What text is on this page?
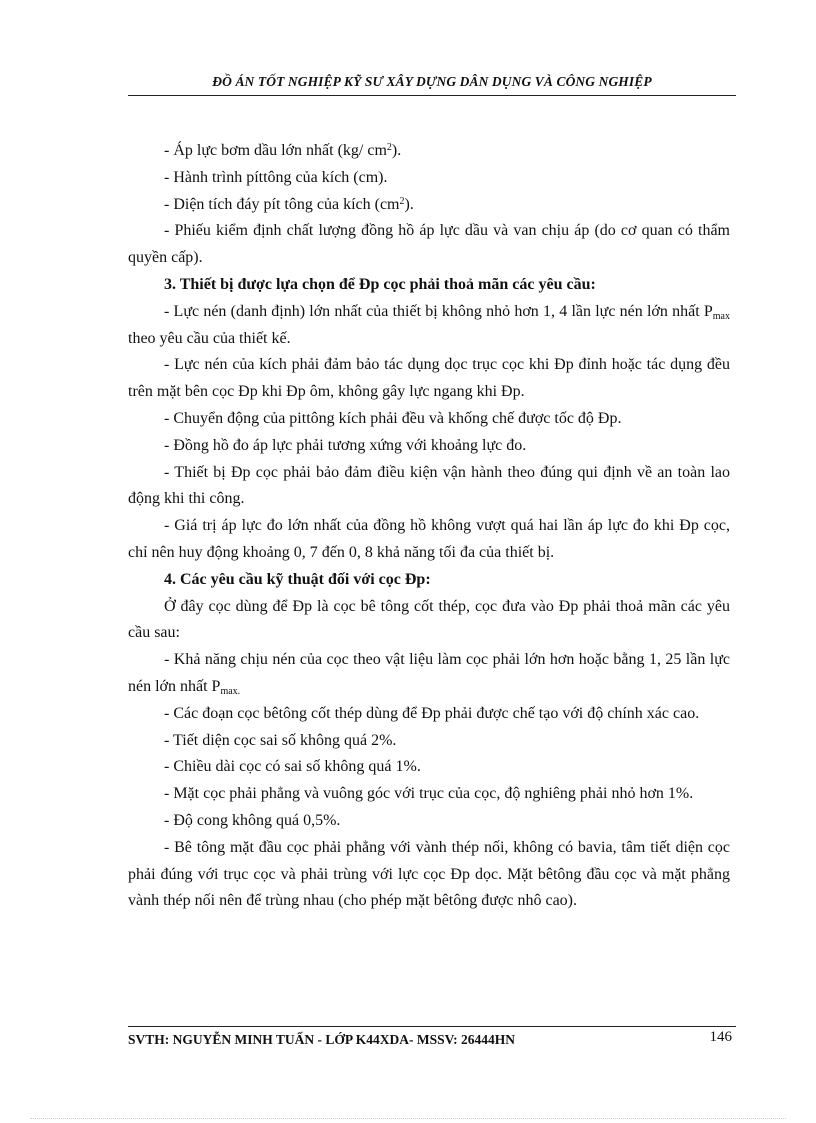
ĐỒ ÁN TỐT NGHIỆP KỸ SƯ XÂY DỰNG DÂN DỤNG VÀ CÔNG NGHIỆP

- Áp lực bơm dầu lớn nhất (kg/ $cm^2$).

- Hành trình píttông của kích (cm).

- Diện tích đáy pít tông của kích $(cm^2)$.

- Phiếu kiểm định chất lượng đồng hồ áp lực dầu và van chịu áp (do cơ quan có thẩm quyền cấp).

3. Thiết bị được lựa chọn để Đp cọc phải thoả mãn các yêu cầu:

- Lực nén (danh định) lớn nhất của thiết bị không nhỏ hơn 1, 4 lần lực nén lớn nhất $P_{max}$ theo yêu cầu của thiết kế.

- Lực nén của kích phải đảm bảo tác dụng dọc trục cọc khi Đp đỉnh hoặc tác dụng đều trên mặt bên cọc Đp khi Đp ôm, không gây lực ngang khi Đp.

- Chuyển động của pittông kích phải đều và khống chế được tốc độ Đp.

- Đồng hồ đo áp lực phải tương xứng với khoảng lực đo.

- Thiết bị Đp cọc phải bảo đảm điều kiện vận hành theo đúng qui định về an toàn lao động khi thi công.

- Giá trị áp lực đo lớn nhất của đồng hồ không vượt quá hai lần áp lực đo khi Đp cọc, chỉ nên huy động khoảng 0, 7 đến 0, 8 khả năng tối đa của thiết bị.

4. Các yêu cầu kỹ thuật đối với cọc Đp:

Ở đây cọc dùng để Đp là cọc bê tông cốt thép, cọc đưa vào Đp phải thoả mãn các yêu cầu sau:

- Khả năng chịu nén của cọc theo vật liệu làm cọc phải lớn hơn hoặc bằng 1, 25 lần lực nén lớn nhất $P_{max.}$

- Các đoạn cọc bêtông cốt thép dùng để Đp phải được chế tạo với độ chính xác cao.

- Tiết diện cọc sai số không quá 2%.

- Chiều dài cọc có sai số không quá 1%.

- Mặt cọc phải phẳng và vuông góc với trục của cọc, độ nghiêng phải nhỏ hơn 1%.

- Độ cong không quá 0,5%.

- Bê tông mặt đầu cọc phải phẳng với vành thép nối, không có bavia, tâm tiết diện cọc phải đúng với trục cọc và phải trùng với lực cọc Đp dọc. Mặt bêtông đầu cọc và mặt phẳng vành thép nối nên để trùng nhau (cho phép mặt bêtông được nhô cao).

SVTH: NGUYỄN MINH TUẤN - LỚP K44XDA- MSSV: 26444HN	146
